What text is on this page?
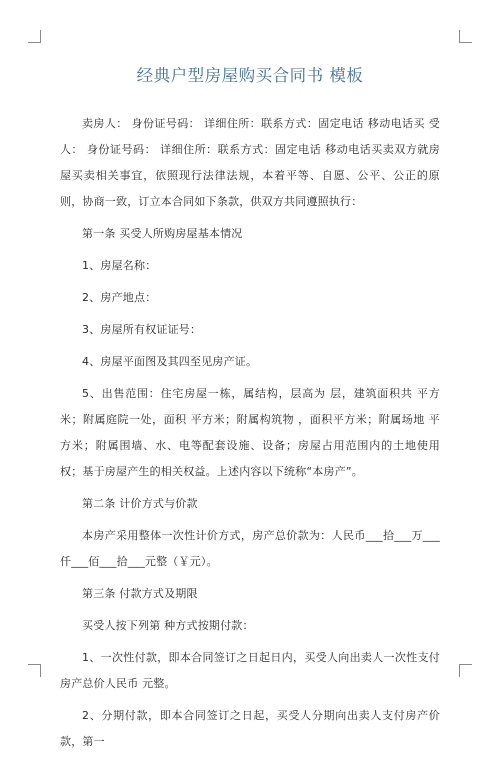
经典户型房屋购买合同书 模板

卖房人： 身份证号码： 详细住所：联系方式：固定电话 移动电话买 受 人： 身份证号码： 详细住所：联系方式：固定电话 移动电话买卖双方就房屋买卖相关事宜，依照现行法律法规，本着平等、自愿、公平、公正的原则，协商一致，订立本合同如下条款，供双方共同遵照执行：

第一条 买受人所购房屋基本情况

1、房屋名称：

2、房产地点：

3、房屋所有权证证号：

4、房屋平面图及其四至见房产证。

5、出售范围：住宅房屋一栋，属结构，层高为 层，建筑面积共 平方米；附属庭院一处，面积 平方米；附属构筑物 ，面积平方米；附属场地 平方米；附属围墙、水、电等配套设施、设备；房屋占用范围内的土地使用权；基于房屋产生的相关权益。上述内容以下统称“本房产”。

第二条 计价方式与价款

本房产采用整体一次性计价方式，房产总价款为：人民币___拾___万___仟___佰___拾___元整（￥元）。

第三条 付款方式及期限

买受人按下列第 种方式按期付款：

1、一次性付款，即本合同签订之日起日内，买受人向出卖人一次性支付房产总价人民币 元整。

2、分期付款，即本合同签订之日起，买受人分期向出卖人支付房产价款，第一
